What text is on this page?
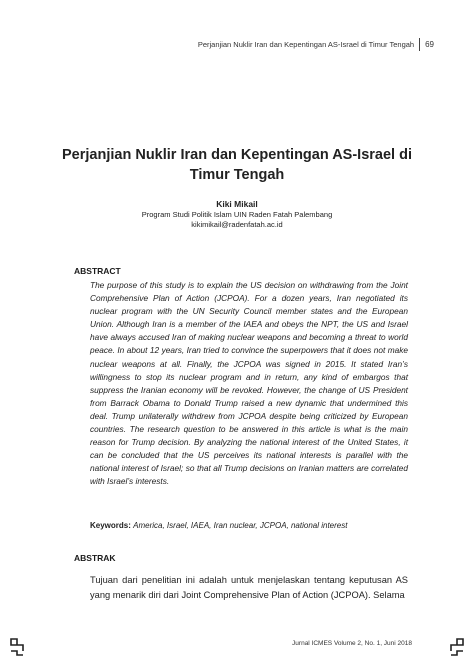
Perjanjian Nuklir Iran dan Kepentingan AS-Israel di Timur Tengah 69
Perjanjian Nuklir Iran dan Kepentingan AS-Israel di Timur Tengah
Kiki Mikail
Program Studi Politik Islam UIN Raden Fatah Palembang
kikimikail@radenfatah.ac.id
ABSTRACT
The purpose of this study is to explain the US decision on withdrawing from the Joint Comprehensive Plan of Action (JCPOA). For a dozen years, Iran negotiated its nuclear program with the UN Security Council member states and the European Union. Although Iran is a member of the IAEA and obeys the NPT, the US and Israel have always accused Iran of making nuclear weapons and becoming a threat to world peace. In about 12 years, Iran tried to convince the superpowers that it does not make nuclear weapons at all. Finally, the JCPOA was signed in 2015. It stated Iran’s willingness to stop its nuclear program and in return, any kind of embargos that suppress the Iranian economy will be revoked. However, the change of US President from Barrack Obama to Donald Trump raised a new dynamic that undermined this deal. Trump unilaterally withdrew from JCPOA despite being criticized by European countries. The research question to be answered in this article is what is the main reason for Trump decision. By analyzing the national interest of the United States, it can be concluded that the US perceives its national interests is parallel with the national interest of Israel; so that all Trump decisions on Iranian matters are correlated with Israel’s interests.
Keywords: America, Israel, IAEA, Iran nuclear, JCPOA, national interest
ABSTRAK
Tujuan dari penelitian ini adalah untuk menjelaskan tentang keputusan AS yang menarik diri dari Joint Comprehensive Plan of Action (JCPOA). Selama
Jurnal ICMES Volume 2, No. 1, Juni 2018
